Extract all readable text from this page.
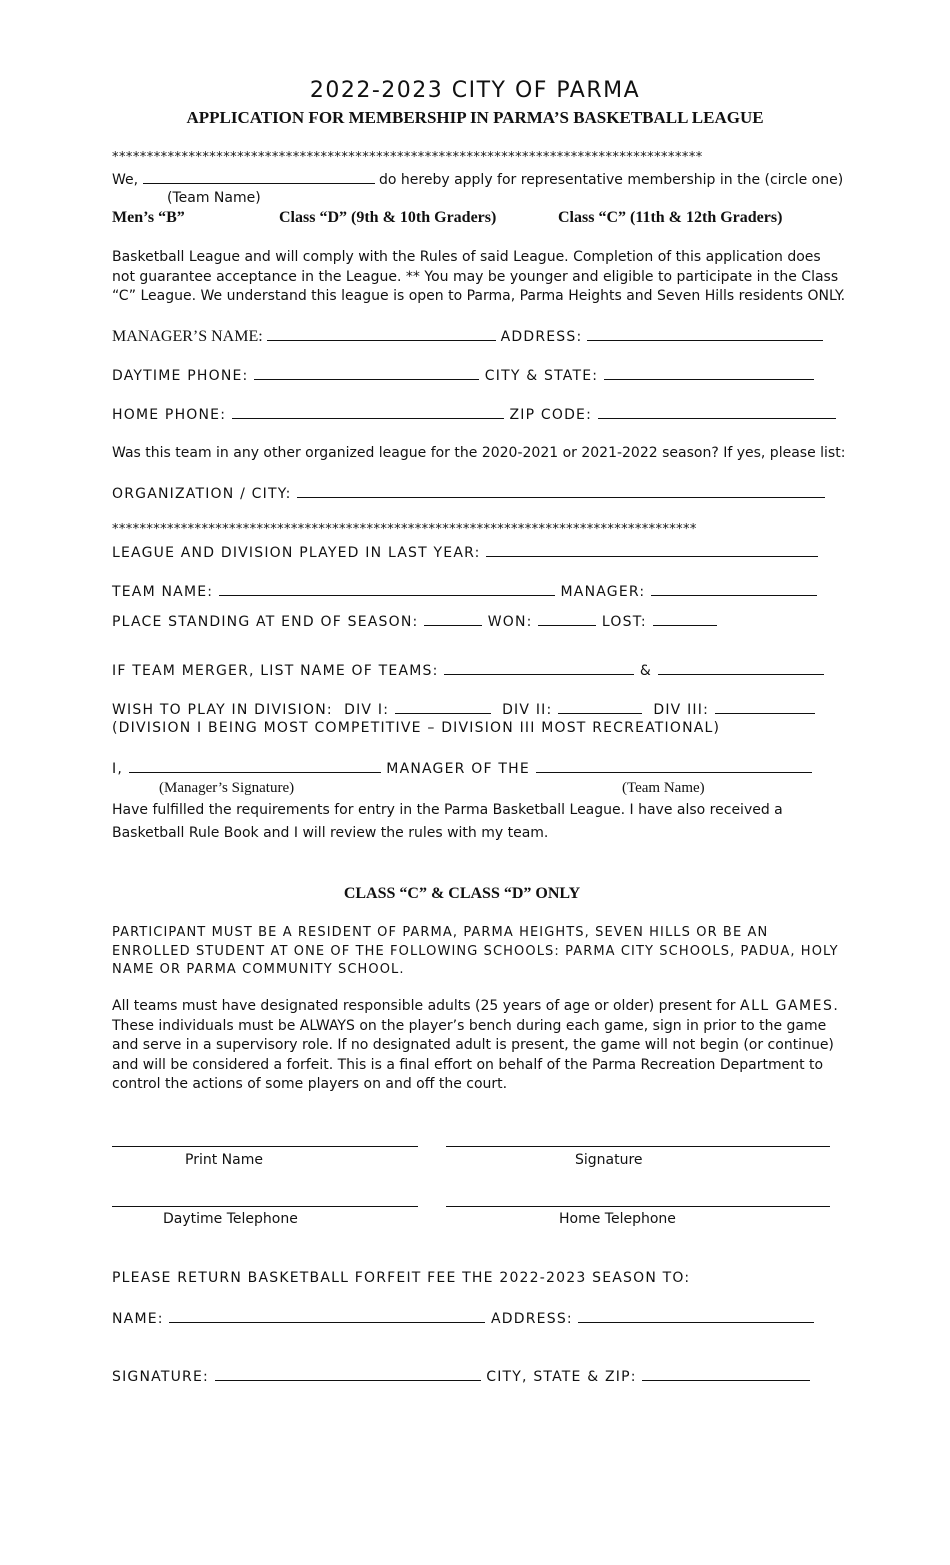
2022-2023 CITY OF PARMA
APPLICATION FOR MEMBERSHIP IN PARMA’S BASKETBALL LEAGUE
*************************************************************************************
We,	do hereby apply for representative membership in the (circle one)
(Team Name)
Men’s “B”	Class “D” (9th & 10th Graders)	Class “C” (11th & 12th Graders)
Basketball League and will comply with the Rules of said League. Completion of this application does not guarantee acceptance in the League. ** You may be younger and eligible to participate in the Class “C” League. We understand this league is open to Parma, Parma Heights and Seven Hills residents ONLY.
MANAGER’S NAME:	ADDRESS:
DAYTIME PHONE:	CITY & STATE:
HOME PHONE:	ZIP CODE:
Was this team in any other organized league for the 2020-2021 or 2021-2022 season? If yes, please list:
ORGANIZATION / CITY:
*************************************************************************************
LEAGUE AND DIVISION PLAYED IN LAST YEAR:
TEAM NAME:	MANAGER:
PLACE STANDING AT END OF SEASON:	WON:	LOST:
IF TEAM MERGER, LIST NAME OF TEAMS:	&
WISH TO PLAY IN DIVISION: DIV I:	DIV II:	DIV III:
(DIVISION I BEING MOST COMPETITIVE – DIVISION III MOST RECREATIONAL)
I,	MANAGER OF THE
(Manager’s Signature)	(Team Name)
Have fulfilled the requirements for entry in the Parma Basketball League. I have also received a
Basketball Rule Book and I will review the rules with my team.
CLASS “C” & CLASS “D” ONLY
PARTICIPANT MUST BE A RESIDENT OF PARMA, PARMA HEIGHTS, SEVEN HILLS OR BE AN ENROLLED STUDENT AT ONE OF THE FOLLOWING SCHOOLS: PARMA CITY SCHOOLS, PADUA, HOLY NAME OR PARMA COMMUNITY SCHOOL.
All teams must have designated responsible adults (25 years of age or older) present for ALL GAMES. These individuals must be ALWAYS on the player’s bench during each game, sign in prior to the game and serve in a supervisory role. If no designated adult is present, the game will not begin (or continue) and will be considered a forfeit. This is a final effort on behalf of the Parma Recreation Department to control the actions of some players on and off the court.
Print Name	Signature
Daytime Telephone	Home Telephone
PLEASE RETURN BASKETBALL FORFEIT FEE THE 2022-2023 SEASON TO:
NAME:	ADDRESS:
SIGNATURE:	CITY, STATE & ZIP:
